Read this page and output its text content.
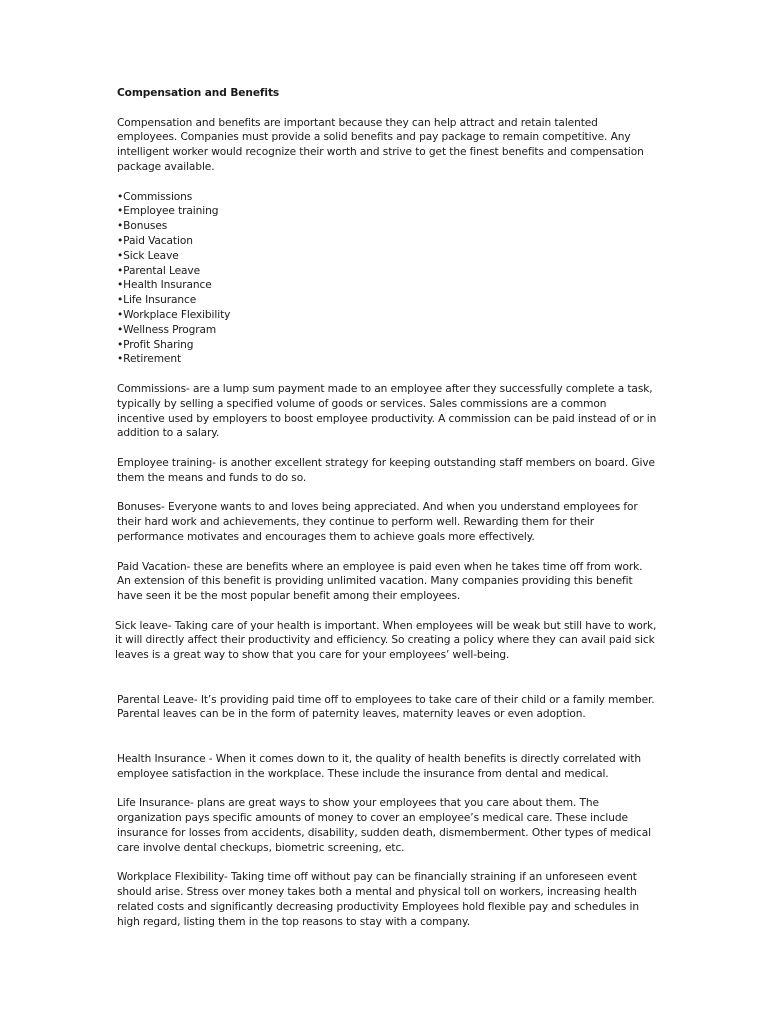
Compensation and Benefits

Compensation and benefits are important because they can help attract and retain talented employees. Companies must provide a solid benefits and pay package to remain competitive. Any intelligent worker would recognize their worth and strive to get the finest benefits and compensation package available.

•Commissions
•Employee training
•Bonuses
•Paid Vacation
•Sick Leave
•Parental Leave
•Health Insurance
•Life Insurance
•Workplace Flexibility
•Wellness Program
•Profit Sharing
•Retirement

Commissions- are a lump sum payment made to an employee after they successfully complete a task, typically by selling a specified volume of goods or services. Sales commissions are a common incentive used by employers to boost employee productivity. A commission can be paid instead of or in addition to a salary.

Employee training- is another excellent strategy for keeping outstanding staff members on board. Give them the means and funds to do so.

Bonuses- Everyone wants to and loves being appreciated. And when you understand employees for their hard work and achievements, they continue to perform well. Rewarding them for their performance motivates and encourages them to achieve goals more effectively.

Paid Vacation- these are benefits where an employee is paid even when he takes time off from work. An extension of this benefit is providing unlimited vacation. Many companies providing this benefit have seen it be the most popular benefit among their employees.

Sick leave- Taking care of your health is important. When employees will be weak but still have to work, it will directly affect their productivity and efficiency. So creating a policy where they can avail paid sick leaves is a great way to show that you care for your employees’ well-being.

Parental Leave- It’s providing paid time off to employees to take care of their child or a family member. Parental leaves can be in the form of paternity leaves, maternity leaves or even adoption.

Health Insurance - When it comes down to it, the quality of health benefits is directly correlated with employee satisfaction in the workplace. These include the insurance from dental and medical.

Life Insurance- plans are great ways to show your employees that you care about them. The organization pays specific amounts of money to cover an employee’s medical care. These include insurance for losses from accidents, disability, sudden death, dismemberment. Other types of medical care involve dental checkups, biometric screening, etc.

Workplace Flexibility- Taking time off without pay can be financially straining if an unforeseen event should arise. Stress over money takes both a mental and physical toll on workers, increasing health related costs and significantly decreasing productivity Employees hold flexible pay and schedules in high regard, listing them in the top reasons to stay with a company.
